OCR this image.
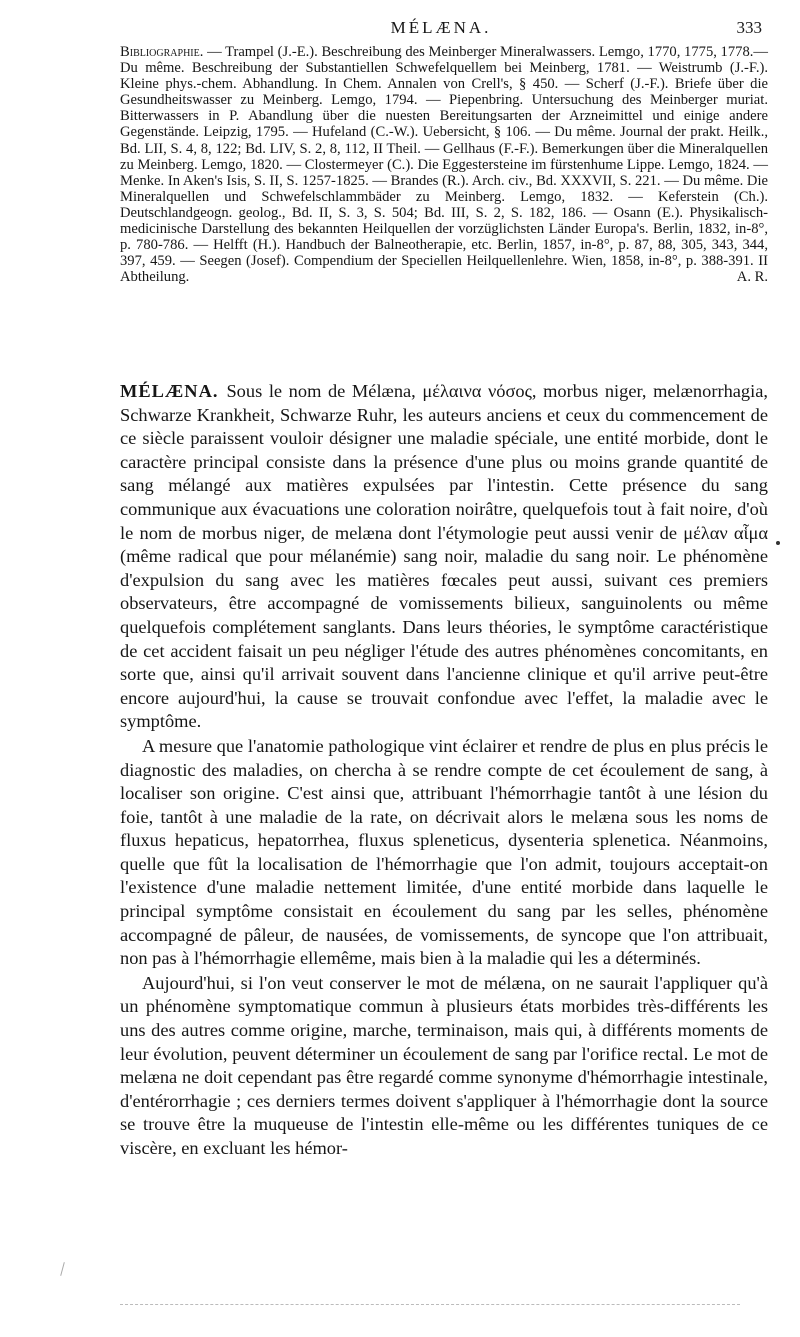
MÉLÆNA.	333

Bibliographie. — Trampel (J.-E.). Beschreibung des Meinberger Mineralwassers. Lemgo, 1770, 1775, 1778.—Du même. Beschreibung der Substantiellen Schwefelquellem bei Meinberg, 1781. — Weistrumb (J.-F.). Kleine phys.-chem. Abhandlung. In Chem. Annalen von Crell's, § 450. — Scherf (J.-F.). Briefe über die Gesundheitswasser zu Meinberg. Lemgo, 1794. — Piepenbring. Untersuchung des Meinberger muriat. Bitterwassers in P. Abandlung über die nuesten Bereitungsarten der Arzneimittel und einige andere Gegenstände. Leipzig, 1795. — Hufeland (C.-W.). Uebersicht, § 106. — Du même. Journal der prakt. Heilk., Bd. LII, S. 4, 8, 122; Bd. LIV, S. 2, 8, 112, II Theil. — Gellhaus (F.-F.). Bemerkungen über die Mineralquellen zu Meinberg. Lemgo, 1820. — Clostermeyer (C.). Die Eggestersteine im fürstenhume Lippe. Lemgo, 1824. — Menke. In Aken's Isis, S. II, S. 1257-1825. — Brandes (R.). Arch. civ., Bd. XXXVII, S. 221. — Du même. Die Mineralquellen und Schwefelschlammbäder zu Meinberg. Lemgo, 1832. — Keferstein (Ch.). Deutschlandgeogn. geolog., Bd. II, S. 3, S. 504; Bd. III, S. 2, S. 182, 186. — Osann (E.). Physikalisch-medicinische Darstellung des bekannten Heilquellen der vorzüglichsten Länder Europa's. Berlin, 1832, in-8°, p. 780-786. — Helfft (H.). Handbuch der Balneotherapie, etc. Berlin, 1857, in-8°, p. 87, 88, 305, 343, 344, 397, 459. — Seegen (Josef). Compendium der Speciellen Heilquellenlehre. Wien, 1858, in-8°, p. 388-391. II Abtheilung.	A. R.

MÉLÆNA. Sous le nom de Mélæna, μέλαινα νόσος, morbus niger, melænorrhagia, Schwarze Krankheit, Schwarze Ruhr, les auteurs anciens et ceux du commencement de ce siècle paraissent vouloir désigner une maladie spéciale, une entité morbide, dont le caractère principal consiste dans la présence d'une plus ou moins grande quantité de sang mélangé aux matières expulsées par l'intestin. Cette présence du sang communique aux évacuations une coloration noirâtre, quelquefois tout à fait noire, d'où le nom de morbus niger, de melæna dont l'étymologie peut aussi venir de μέλαν αἷμα (même radical que pour mélanémie) sang noir, maladie du sang noir. Le phénomène d'expulsion du sang avec les matières fœcales peut aussi, suivant ces premiers observateurs, être accompagné de vomissements bilieux, sanguinolents ou même quelquefois complétement sanglants. Dans leurs théories, le symptôme caractéristique de cet accident faisait un peu négliger l'étude des autres phénomènes concomitants, en sorte que, ainsi qu'il arrivait souvent dans l'ancienne clinique et qu'il arrive peut-être encore aujourd'hui, la cause se trouvait confondue avec l'effet, la maladie avec le symptôme.

A mesure que l'anatomie pathologique vint éclairer et rendre de plus en plus précis le diagnostic des maladies, on chercha à se rendre compte de cet écoulement de sang, à localiser son origine. C'est ainsi que, attribuant l'hémorrhagie tantôt à une lésion du foie, tantôt à une maladie de la rate, on décrivait alors le melæna sous les noms de fluxus hepaticus, hepatorrhea, fluxus spleneticus, dysenteria splenetica. Néanmoins, quelle que fût la localisation de l'hémorrhagie que l'on admit, toujours acceptait-on l'existence d'une maladie nettement limitée, d'une entité morbide dans laquelle le principal symptôme consistait en écoulement du sang par les selles, phénomène accompagné de pâleur, de nausées, de vomissements, de syncope que l'on attribuait, non pas à l'hémorrhagie ellemême, mais bien à la maladie qui les a déterminés.

Aujourd'hui, si l'on veut conserver le mot de mélæna, on ne saurait l'appliquer qu'à un phénomène symptomatique commun à plusieurs états morbides très-différents les uns des autres comme origine, marche, terminaison, mais qui, à différents moments de leur évolution, peuvent déterminer un écoulement de sang par l'orifice rectal. Le mot de melæna ne doit cependant pas être regardé comme synonyme d'hémorrhagie intestinale, d'entérorrhagie ; ces derniers termes doivent s'appliquer à l'hémorrhagie dont la source se trouve être la muqueuse de l'intestin elle-même ou les différentes tuniques de ce viscère, en excluant les hémor-
